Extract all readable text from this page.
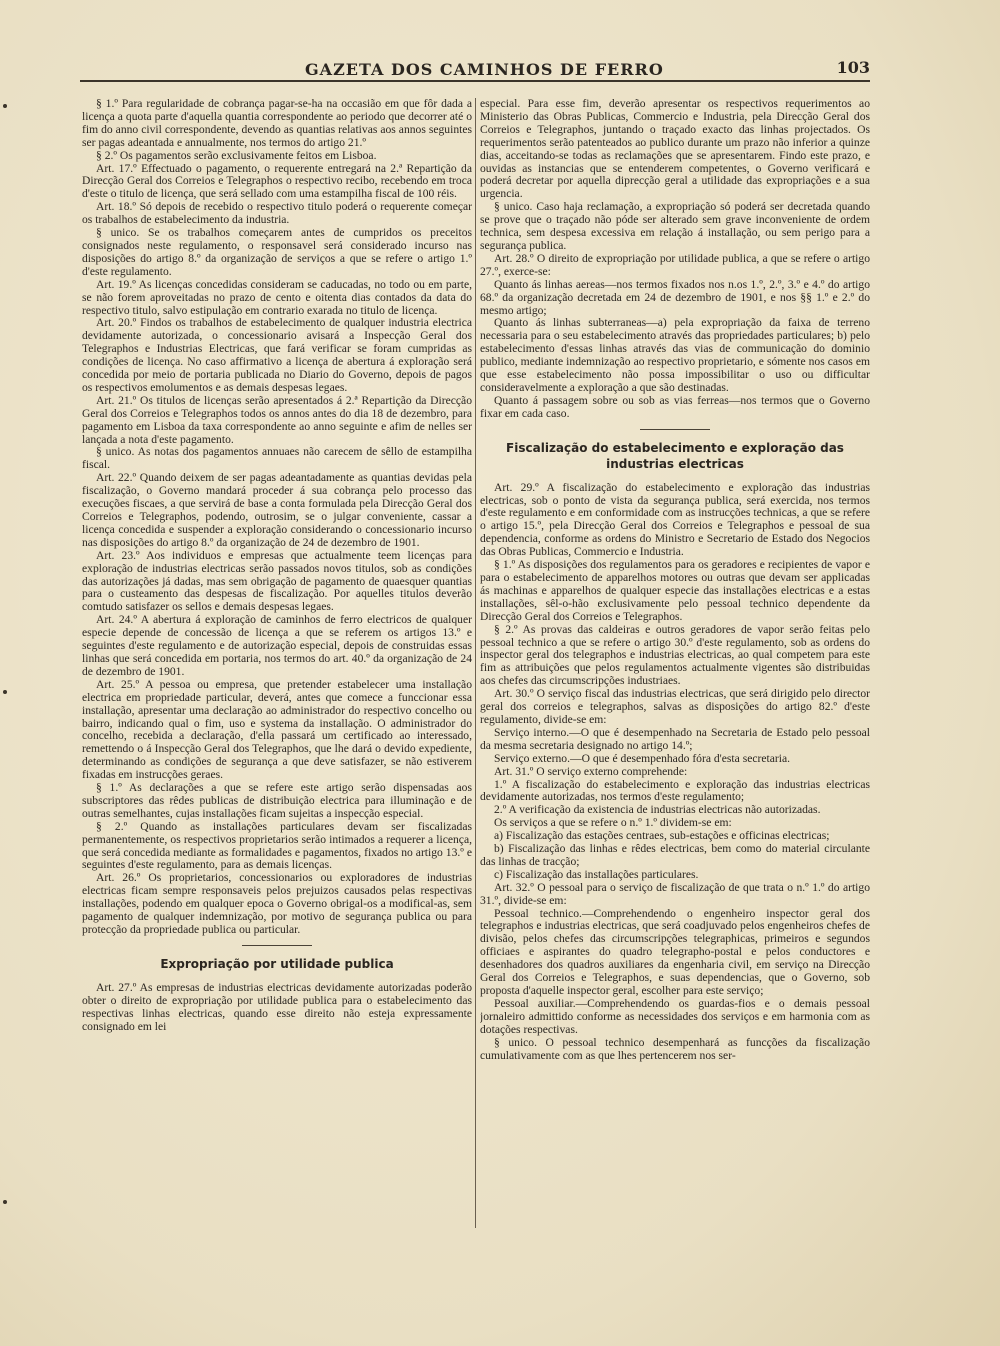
GAZETA DOS CAMINHOS DE FERRO	103

§ 1.º Para regularidade de cobrança pagar-se-ha na occasião em que fôr dada a licença a quota parte d'aquella quantia correspondente ao periodo que decorrer até o fim do anno civil correspondente, devendo as quantias relativas aos annos seguintes ser pagas adeantada e annualmente, nos termos do artigo 21.º

§ 2.º Os pagamentos serão exclusivamente feitos em Lisboa.

Art. 17.º Effectuado o pagamento, o requerente entregará na 2.ª Repartição da Direcção Geral dos Correios e Telegraphos o respectivo recibo, recebendo em troca d'este o titulo de licença, que será sellado com uma estampilha fiscal de 100 réis.

Art. 18.º Só depois de recebido o respectivo titulo poderá o requerente começar os trabalhos de estabelecimento da industria.

§ unico. Se os trabalhos começarem antes de cumpridos os preceitos consignados neste regulamento, o responsavel será considerado incurso nas disposições do artigo 8.º da organização de serviços a que se refere o artigo 1.º d'este regulamento.

Art. 19.º As licenças concedidas consideram se caducadas, no todo ou em parte, se não forem aproveitadas no prazo de cento e oitenta dias contados da data do respectivo titulo, salvo estipulação em contrario exarada no titulo de licença.

Art. 20.º Findos os trabalhos de estabelecimento de qualquer industria electrica devidamente autorizada, o concessionario avisará a Inspecção Geral dos Telegraphos e Industrias Electricas, que fará verificar se foram cumpridas as condições de licença. No caso affirmativo a licença de abertura á exploração será concedida por meio de portaria publicada no Diario do Governo, depois de pagos os respectivos emolumentos e as demais despesas legaes.

Art. 21.º Os titulos de licenças serão apresentados á 2.ª Repartição da Direcção Geral dos Correios e Telegraphos todos os annos antes do dia 18 de dezembro, para pagamento em Lisboa da taxa correspondente ao anno seguinte e afim de nelles ser lançada a nota d'este pagamento.

§ unico. As notas dos pagamentos annuaes não carecem de sêllo de estampilha fiscal.

Art. 22.º Quando deixem de ser pagas adeantadamente as quantias devidas pela fiscalização, o Governo mandará proceder á sua cobrança pelo processo das execuções fiscaes, a que servirá de base a conta formulada pela Direcção Geral dos Correios e Telegraphos, podendo, outrosim, se o julgar conveniente, cassar a licença concedida e suspender a exploração considerando o concessionario incurso nas disposições do artigo 8.º da organização de 24 de dezembro de 1901.

Art. 23.º Aos individuos e empresas que actualmente teem licenças para exploração de industrias electricas serão passados novos titulos, sob as condições das autorizações já dadas, mas sem obrigação de pagamento de quaesquer quantias para o custeamento das despesas de fiscalização. Por aquelles titulos deverão comtudo satisfazer os sellos e demais despesas legaes.

Art. 24.º A abertura á exploração de caminhos de ferro electricos de qualquer especie depende de concessão de licença a que se referem os artigos 13.º e seguintes d'este regulamento e de autorização especial, depois de construidas essas linhas que será concedida em portaria, nos termos do art. 40.º da organização de 24 de dezembro de 1901.

Art. 25.º A pessoa ou empresa, que pretender estabelecer uma installação electrica em propriedade particular, deverá, antes que comece a funccionar essa installação, apresentar uma declaração ao administrador do respectivo concelho ou bairro, indicando qual o fim, uso e systema da installação. O administrador do concelho, recebida a declaração, d'ella passará um certificado ao interessado, remettendo o á Inspecção Geral dos Telegraphos, que lhe dará o devido expediente, determinando as condições de segurança a que deve satisfazer, se não estiverem fixadas em instrucções geraes.

§ 1.º As declarações a que se refere este artigo serão dispensadas aos subscriptores das rêdes publicas de distribuição electrica para illuminação e de outras semelhantes, cujas installações ficam sujeitas a inspecção especial.

§ 2.º Quando as installações particulares devam ser fiscalizadas permanentemente, os respectivos proprietarios serão intimados a requerer a licença, que será concedida mediante as formalidades e pagamentos, fixados no artigo 13.º e seguintes d'este regulamento, para as demais licenças.

Art. 26.º Os proprietarios, concessionarios ou exploradores de industrias electricas ficam sempre responsaveis pelos prejuizos causados pelas respectivas installações, podendo em qualquer epoca o Governo obrigal-os a modifical-as, sem pagamento de qualquer indemnização, por motivo de segurança publica ou para protecção da propriedade publica ou particular.

Expropriação por utilidade publica

Art. 27.º As empresas de industrias electricas devidamente autorizadas poderão obter o direito de expropriação por utilidade publica para o estabelecimento das respectivas linhas electricas, quando esse direito não esteja expressamente consignado em lei

especial. Para esse fim, deverão apresentar os respectivos requerimentos ao Ministerio das Obras Publicas, Commercio e Industria, pela Direcção Geral dos Correios e Telegraphos, juntando o traçado exacto das linhas projectados. Os requerimentos serão patenteados ao publico durante um prazo não inferior a quinze dias, acceitando-se todas as reclamações que se apresentarem. Findo este prazo, e ouvidas as instancias que se entenderem competentes, o Governo verificará e poderá decretar por aquella diprecção geral a utilidade das expropriações e a sua urgencia.

§ unico. Caso haja reclamação, a expropriação só poderá ser decretada quando se prove que o traçado não póde ser alterado sem grave inconveniente de ordem technica, sem despesa excessiva em relação á installação, ou sem perigo para a segurança publica.

Art. 28.º O direito de expropriação por utilidade publica, a que se refere o artigo 27.º, exerce-se:

Quanto ás linhas aereas—nos termos fixados nos n.os 1.º, 2.º, 3.º e 4.º do artigo 68.º da organização decretada em 24 de dezembro de 1901, e nos §§ 1.º e 2.º do mesmo artigo;

Quanto ás linhas subterraneas—a) pela expropriação da faixa de terreno necessaria para o seu estabelecimento através das propriedades particulares; b) pelo estabelecimento d'essas linhas através das vias de communicação do dominio publico, mediante indemnização ao respectivo proprietario, e sómente nos casos em que esse estabelecimento não possa impossibilitar o uso ou difficultar consideravelmente a exploração a que são destinadas.

Quanto á passagem sobre ou sob as vias ferreas—nos termos que o Governo fixar em cada caso.

Fiscalização do estabelecimento e exploração das industrias electricas

Art. 29.º A fiscalização do estabelecimento e exploração das industrias electricas, sob o ponto de vista da segurança publica, será exercida, nos termos d'este regulamento e em conformidade com as instrucções technicas, a que se refere o artigo 15.º, pela Direcção Geral dos Correios e Telegraphos e pessoal de sua dependencia, conforme as ordens do Ministro e Secretario de Estado dos Negocios das Obras Publicas, Commercio e Industria.

§ 1.º As disposições dos regulamentos para os geradores e recipientes de vapor e para o estabelecimento de apparelhos motores ou outras que devam ser applicadas ás machinas e apparelhos de qualquer especie das installações electricas e a estas installações, sêl-o-hão exclusivamente pelo pessoal technico dependente da Direcção Geral dos Correios e Telegraphos.

§ 2.º As provas das caldeiras e outros geradores de vapor serão feitas pelo pessoal technico a que se refere o artigo 30.º d'este regulamento, sob as ordens do inspector geral dos telegraphos e industrias electricas, ao qual competem para este fim as attribuições que pelos regulamentos actualmente vigentes são distribuidas aos chefes das circumscripções industriaes.

Art. 30.º O serviço fiscal das industrias electricas, que será dirigido pelo director geral dos correios e telegraphos, salvas as disposições do artigo 82.º d'este regulamento, divide-se em:

Serviço interno.—O que é desempenhado na Secretaria de Estado pelo pessoal da mesma secretaria designado no artigo 14.º;

Serviço externo.—O que é desempenhado fóra d'esta secretaria.

Art. 31.º O serviço externo comprehende:

1.º A fiscalização do estabelecimento e exploração das industrias electricas devidamente autorizadas, nos termos d'este regulamento;

2.º A verificação da existencia de industrias electricas não autorizadas.

Os serviços a que se refere o n.º 1.º dividem-se em:

a) Fiscalização das estações centraes, sub-estações e officinas electricas;

b) Fiscalização das linhas e rêdes electricas, bem como do material circulante das linhas de tracção;

c) Fiscalização das installações particulares.

Art. 32.º O pessoal para o serviço de fiscalização de que trata o n.º 1.º do artigo 31.º, divide-se em:

Pessoal technico.—Comprehendendo o engenheiro inspector geral dos telegraphos e industrias electricas, que será coadjuvado pelos engenheiros chefes de divisão, pelos chefes das circumscripções telegraphicas, primeiros e segundos officiaes e aspirantes do quadro telegrapho-postal e pelos conductores e desenhadores dos quadros auxiliares da engenharia civil, em serviço na Direcção Geral dos Correios e Telegraphos, e suas dependencias, que o Governo, sob proposta d'aquelle inspector geral, escolher para este serviço;

Pessoal auxiliar.—Comprehendendo os guardas-fios e o demais pessoal jornaleiro admittido conforme as necessidades dos serviços e em harmonia com as dotações respectivas.

§ unico. O pessoal technico desempenhará as funcções da fiscalização cumulativamente com as que lhes pertencerem nos ser-
